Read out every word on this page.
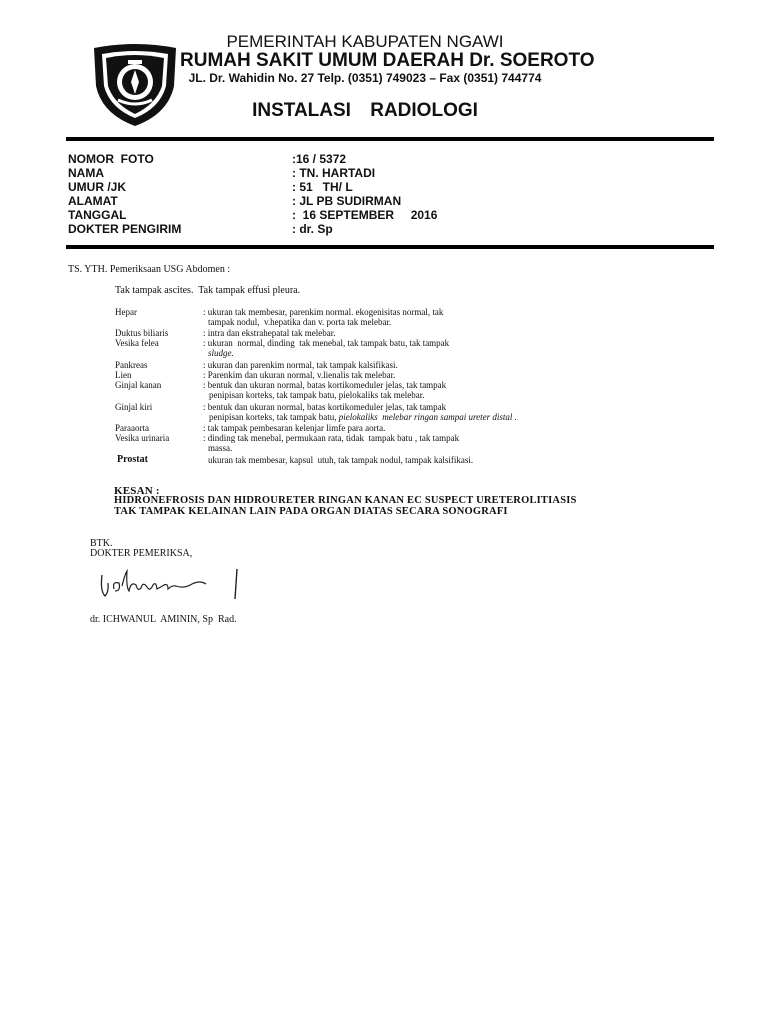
PEMERINTAH KABUPATEN NGAWI
RUMAH SAKIT UMUM DAERAH Dr. SOEROTO
JL. Dr. Wahidin No. 27 Telp. (0351) 749023 – Fax (0351) 744774
INSTALASI RADIOLOGI
NOMOR  FOTO	:16 / 5372
NAMA	: TN. HARTADI
UMUR /JK	: 51   TH/ L
ALAMAT	: JL PB SUDIRMAN
TANGGAL	:  16 SEPTEMBER     2016
DOKTER PENGIRIM	: dr. Sp
TS. YTH. Pemeriksaan USG Abdomen :
Tak tampak ascites.  Tak tampak effusi pleura.
Hepar	: ukuran tak membesar, parenkim normal. ekogenisitas normal, tak
tampak nodul,  v.hepatika dan v. porta tak melebar.
Duktus biliaris	: intra dan ekstrahepatal tak melebar.
Vesika felea	: ukuran  normal, dinding  tak menebal, tak tampak batu, tak tampak
sludge.
Pankreas	: ukuran dan parenkim normal, tak tampak kalsifikasi.
Lien	: Parenkim dan ukuran normal, v.lienalis tak melebar.
Ginjal kanan	: bentuk dan ukuran normal, batas kortikomeduler jelas, tak tampak
penipisan korteks, tak tampak batu, pielokaliks tak melebar.
Ginjal kiri	: bentuk dan ukuran normal, batas kortikomeduler jelas, tak tampak
penipisan korteks, tak tampak batu, pielokaliks  melebar ringan sampai ureter distal .
Paraaorta	: tak tampak pembesaran kelenjar limfe para aorta.
Vesika urinaria	: dinding tak menebal, permukaan rata, tidak  tampak batu , tak tampak
massa.
Prostat	ukuran tak membesar, kapsul  utuh, tak tampak nodul, tampak kalsifikasi.
KESAN :
HIDRONEFROSIS DAN HIDROURETER RINGAN KANAN EC SUSPECT URETEROLITIASIS
TAK TAMPAK KELAINAN LAIN PADA ORGAN DIATAS SECARA SONOGRAFI
BTK.
DOKTER PEMERIKSA,
dr. ICHWANUL  AMININ, Sp  Rad.
